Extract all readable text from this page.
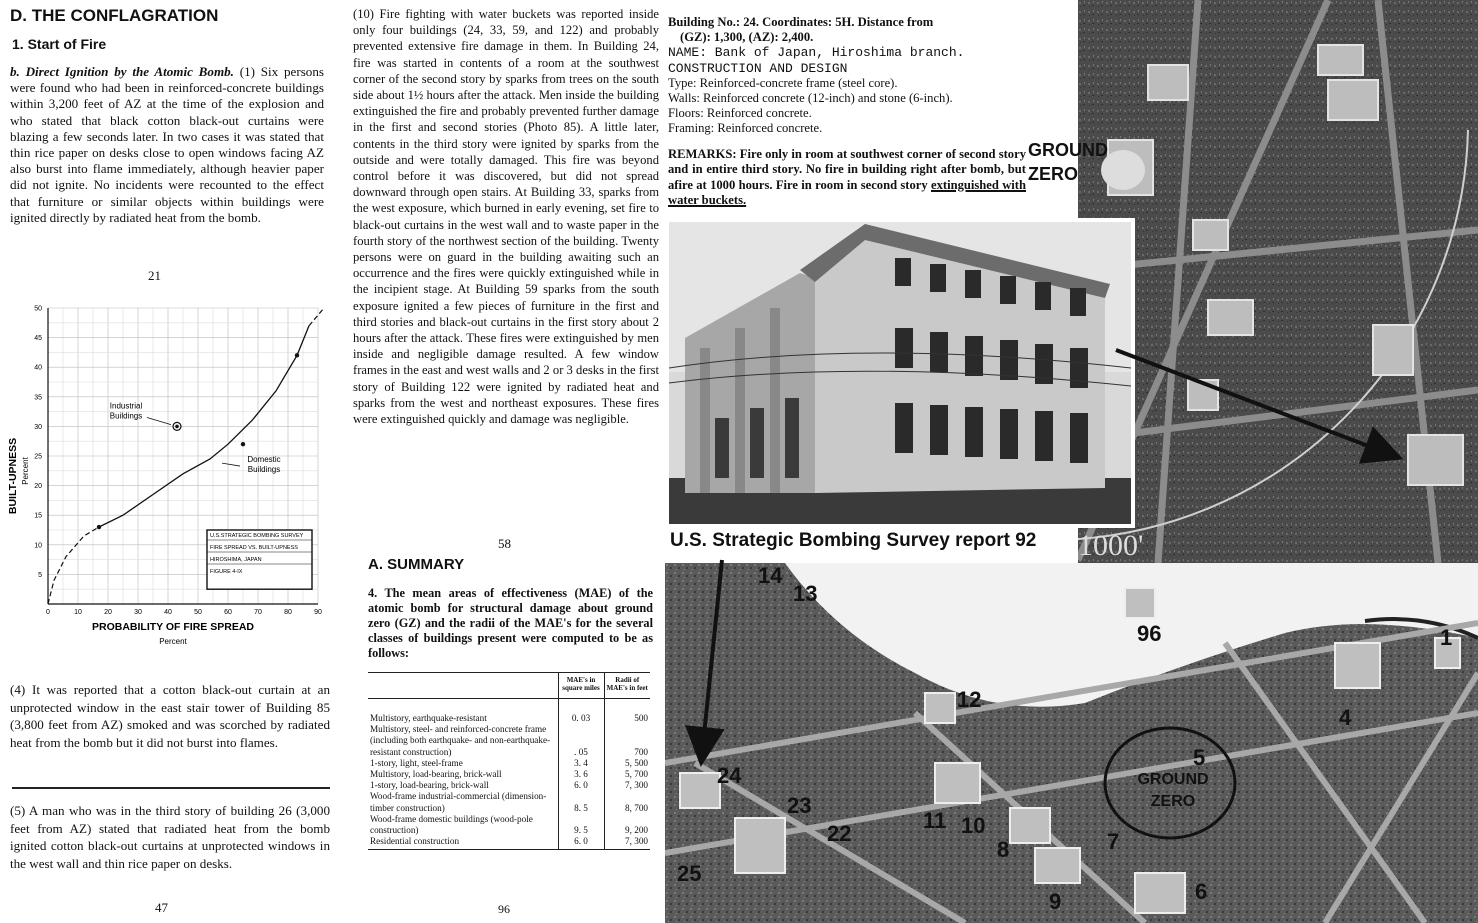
D. THE CONFLAGRATION
1. Start of Fire

b. Direct Ignition by the Atomic Bomb. (1) Six persons were found who had been in reinforced-concrete buildings within 3,200 feet of AZ at the time of the explosion and who stated that black cotton black-out curtains were blazing a few seconds later. In two cases it was stated that thin rice paper on desks close to open windows facing AZ also burst into flame immediately, although heavier paper did not ignite. No incidents were recounted to the effect that furniture or similar objects within buildings were ignited directly by radiated heat from the bomb.

21
0	10	20	30	40	50	60	70	80	90
5
10
15
20
25
30
35
40
45
50
PROBABILITY OF FIRE SPREAD
Percent
BUILT-UPNESS Percent
Industrial
Buildings
Domestic
Buildings
U.S.STRATEGIC BOMBING SURVEY
FIRE SPREAD VS. BUILT-UPNESS
HIROSHIMA, JAPAN
FIGURE 4-IX

(4) It was reported that a cotton black-out curtain at an unprotected window in the east stair tower of Building 85 (3,800 feet from AZ) smoked and was scorched by radiated heat from the bomb but it did not burst into flames.

(5) A man who was in the third story of building 26 (3,000 feet from AZ) stated that radiated heat from the bomb ignited cotton black-out curtains at unprotected windows in the west wall and thin rice paper on desks.

47

(10) Fire fighting with water buckets was reported inside only four buildings (24, 33, 59, and 122) and probably prevented extensive fire damage in them. In Building 24, fire was started in contents of a room at the southwest corner of the second story by sparks from trees on the south side about 1½ hours after the attack. Men inside the building extinguished the fire and probably prevented further damage in the first and second stories (Photo 85). A little later, contents in the third story were ignited by sparks from the outside and were totally damaged. This fire was beyond control before it was discovered, but did not spread downward through open stairs. At Building 33, sparks from the west exposure, which burned in early evening, set fire to black-out curtains in the west wall and to waste paper in the fourth story of the northwest section of the building. Twenty persons were on guard in the building awaiting such an occurrence and the fires were quickly extinguished while in the incipient stage. At Building 59 sparks from the south exposure ignited a few pieces of furniture in the first and third stories and black-out curtains in the first story about 2 hours after the attack. These fires were extinguished by men inside and negligible damage resulted. A few window frames in the east and west walls and 2 or 3 desks in the first story of Building 122 were ignited by radiated heat and sparks from the west and northeast exposures. These fires were extinguished quickly and damage was negligible.

58
A. SUMMARY

4. The mean areas of effectiveness (MAE) of the atomic bomb for structural damage about ground zero (GZ) and the radii of the MAE's for the several classes of buildings present were computed to be as follows:

	MAE's in square miles	Radii of MAE's in feet
Multistory, earthquake-resistant	0. 03	500
Multistory, steel- and reinforced-concrete frame (including both earthquake- and non-earthquake-resistant construction)	. 05	700
1-story, light, steel-frame	3. 4	5, 500
Multistory, load-bearing, brick-wall	3. 6	5, 700
1-story, load-bearing, brick-wall	6. 0	7, 300
Wood-frame industrial-commercial (dimension-timber construction)	8. 5	8, 700
Wood-frame domestic buildings (wood-pole construction)	9. 5	9, 200
Residential construction	6. 0	7, 300
96
Building No.: 24. Coordinates: 5H. Distance from
(GZ): 1,300, (AZ): 2,400.
NAME: Bank of Japan, Hiroshima branch.
CONSTRUCTION AND DESIGN
Type: Reinforced-concrete frame (steel core).
Walls: Reinforced concrete (12-inch) and stone (6-inch).
Floors: Reinforced concrete.
Framing: Reinforced concrete.
REMARKS: Fire only in room at southwest corner of second story and in entire third story. No fire in building right after bomb, but afire at 1000 hours. Fire in room in second story extinguished with water buckets.
1000'
GROUND
ZERO
U.S. Strategic Bombing Survey report 92
14
13
96	1
12
4
5
24
23
22
11 10
8	7
25
9	6
GROUND
ZERO
